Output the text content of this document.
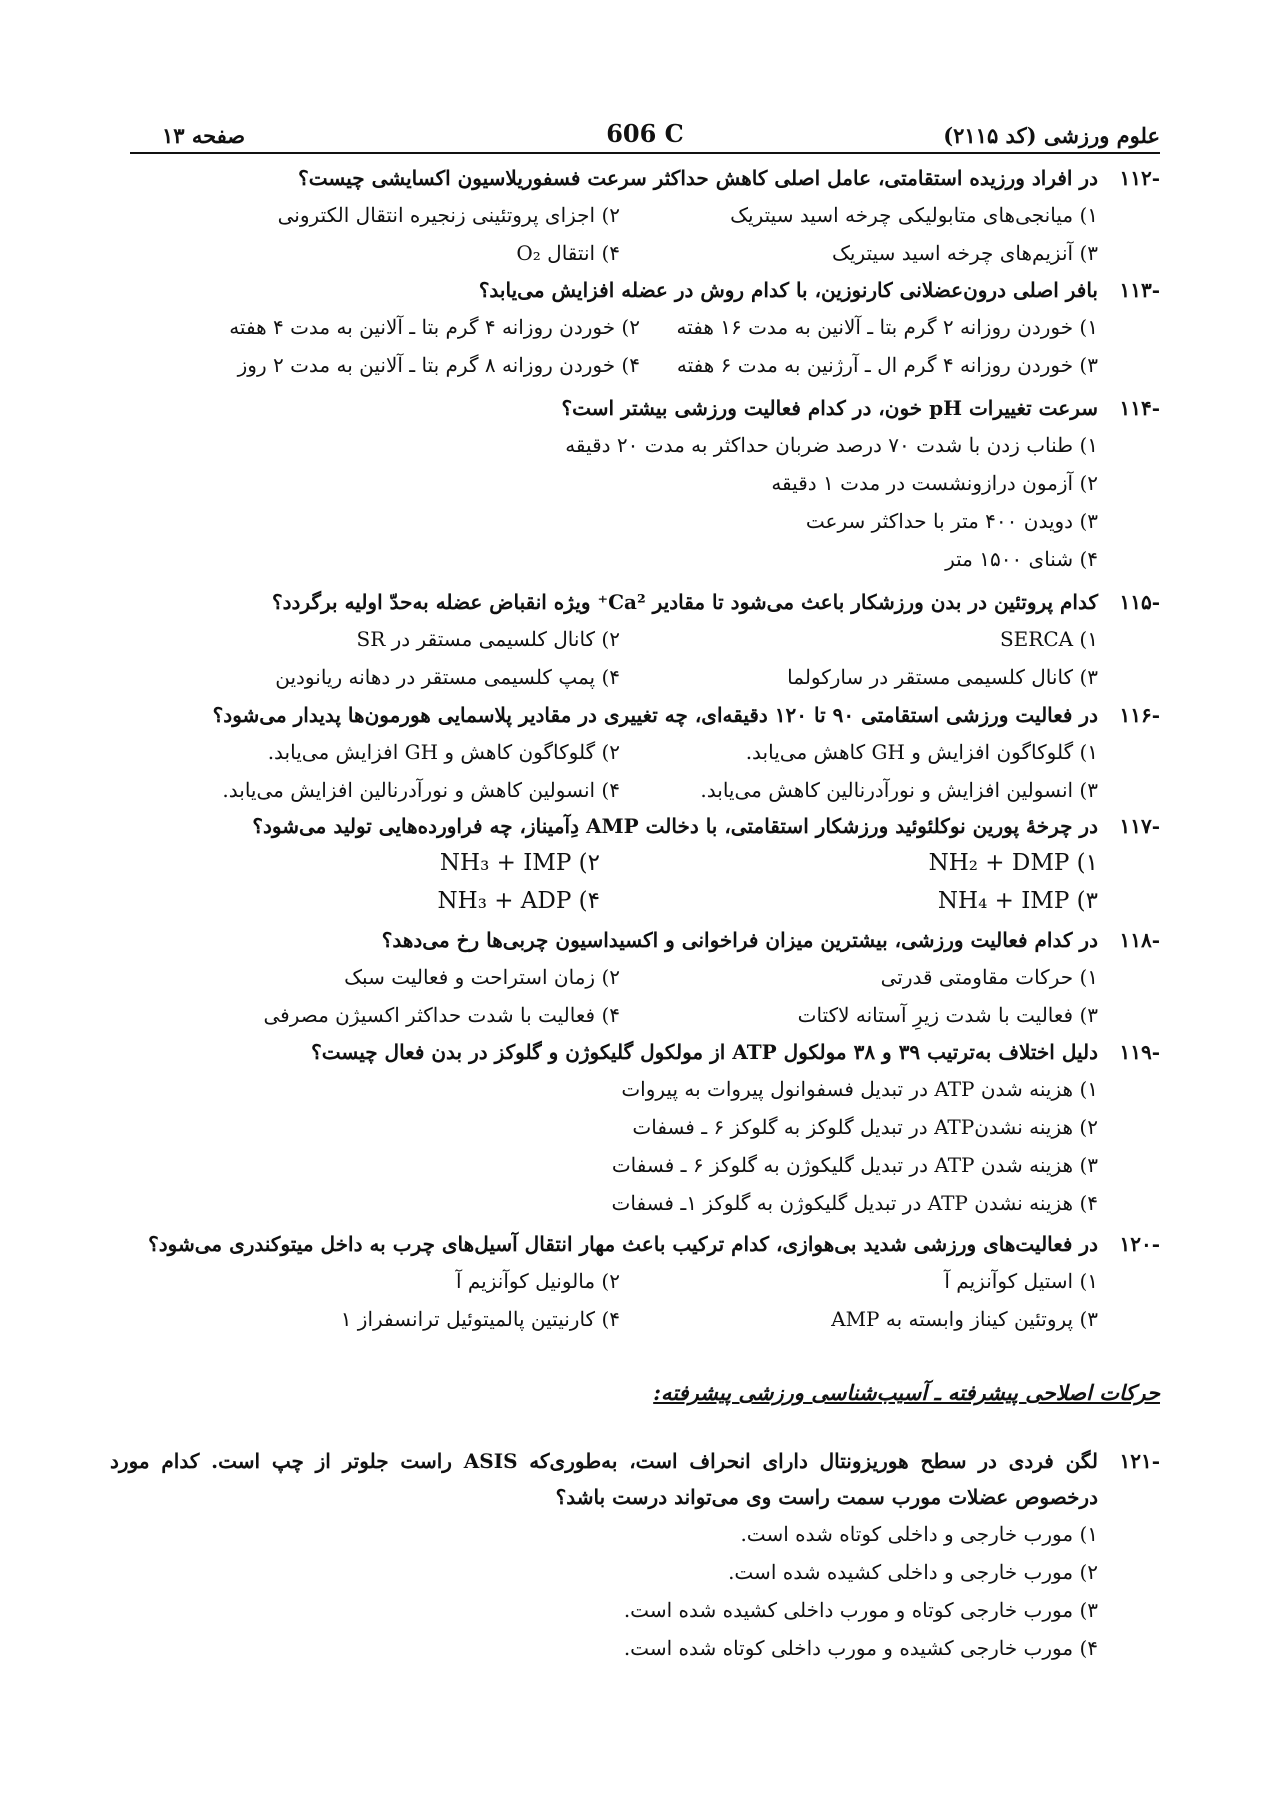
علوم ورزشی (کد ۲۱۱۵)
606 C
صفحه ۱۳
-۱۱۲
در افراد ورزیده استقامتی، عامل اصلی کاهش حداکثر سرعت فسفوریلاسیون اکسایشی چیست؟
۱) میانجی‌های متابولیکی چرخه اسید سیتریک
۲) اجزای پروتئینی زنجیره انتقال الکترونی
۳) آنزیم‌های چرخه اسید سیتریک
۴) انتقال O₂
-۱۱۳
بافر اصلی درون‌عضلانی کارنوزین، با کدام روش در عضله افزایش می‌یابد؟
۱) خوردن روزانه ۲ گرم بتا ـ آلانین به مدت ۱۶ هفته
۲) خوردن روزانه ۴ گرم بتا ـ آلانین به مدت ۴ هفته
۳) خوردن روزانه ۴ گرم ال ـ آرژنین به مدت ۶ هفته
۴) خوردن روزانه ۸ گرم بتا ـ آلانین به مدت ۲ روز
-۱۱۴
سرعت تغییرات pH خون، در کدام فعالیت ورزشی بیشتر است؟
۱) طناب زدن با شدت ۷۰ درصد ضربان حداکثر به مدت ۲۰ دقیقه
۲) آزمون درازونشست در مدت ۱ دقیقه
۳) دویدن ۴۰۰ متر با حداکثر سرعت
۴) شنای ۱۵۰۰ متر
-۱۱۵
کدام پروتئین در بدن ورزشکار باعث می‌شود تا مقادیر Ca²⁺ ویژه انقباض عضله به‌حدّ اولیه برگردد؟
۱) SERCA
۲) کانال کلسیمی مستقر در SR
۳) کانال کلسیمی مستقر در سارکولما
۴) پمپ کلسیمی مستقر در دهانه ریانودین
-۱۱۶
در فعالیت ورزشی استقامتی ۹۰ تا ۱۲۰ دقیقه‌ای، چه تغییری در مقادیر پلاسمایی هورمون‌ها پدیدار می‌شود؟
۱) گلوکاگون افزایش و GH کاهش می‌یابد.
۲) گلوکاگون کاهش و GH افزایش می‌یابد.
۳) انسولین افزایش و نورآدرنالین کاهش می‌یابد.
۴) انسولین کاهش و نورآدرنالین افزایش می‌یابد.
-۱۱۷
در چرخهٔ پورین نوکلئوئید ورزشکار استقامتی، با دخالت AMP دِآمیناز، چه فراورده‌هایی تولید می‌شود؟
۱) NH₂ + DMP
۲) NH₃ + IMP
۳) NH₄ + IMP
۴) NH₃ + ADP
-۱۱۸
در کدام فعالیت ورزشی، بیشترین میزان فراخوانی و اکسیداسیون چربی‌ها رخ می‌دهد؟
۱) حرکات مقاومتی قدرتی
۲) زمان استراحت و فعالیت سبک
۳) فعالیت با شدت زیرِ آستانه لاکتات
۴) فعالیت با شدت حداکثر اکسیژن مصرفی
-۱۱۹
دلیل اختلاف به‌ترتیب ۳۹ و ۳۸ مولکول ATP از مولکول گلیکوژن و گلوکز در بدن فعال چیست؟
۱) هزینه شدن ATP در تبدیل فسفوانول پیروات به پیروات
۲) هزینه نشدنATP در تبدیل گلوکز به گلوکز ۶ ـ فسفات
۳) هزینه شدن ATP در تبدیل گلیکوژن به گلوکز ۶ ـ فسفات
۴) هزینه نشدن ATP در تبدیل گلیکوژن به گلوکز ۱ـ فسفات
-۱۲۰
در فعالیت‌های ورزشی شدید بی‌هوازی، کدام ترکیب باعث مهار انتقال آسیل‌های چرب به داخل میتوکندری می‌شود؟
۱) استیل کوآنزیم آ
۲) مالونیل کوآنزیم آ
۳) پروتئین کیناز وابسته به AMP
۴) کارنیتین پالمیتوئیل ترانسفراز ۱
حرکات اصلاحی پیشرفته ـ آسیب‌شناسی ورزشی پیشرفته:
-۱۲۱
لگن فردی در سطح هوریزونتال دارای انحراف است، به‌طوری‌که ASIS راست جلوتر از چپ است. کدام مورد درخصوص عضلات مورب سمت راست وی می‌تواند درست باشد؟
۱) مورب خارجی و داخلی کوتاه شده است.
۲) مورب خارجی و داخلی کشیده شده است.
۳) مورب خارجی کوتاه و مورب داخلی کشیده شده است.
۴) مورب خارجی کشیده و مورب داخلی کوتاه شده است.
